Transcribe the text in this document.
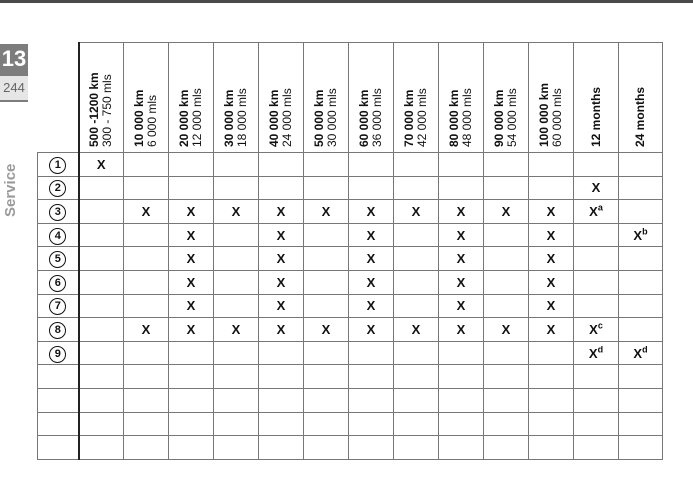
13
244
Service

	500 -1200 km 300 - 750 mls	10 000 km 6 000 mls	20 000 km 12 000 mls	30 000 km 18 000 mls	40 000 km 24 000 mls	50 000 km 30 000 mls	60 000 km 36 000 mls	70 000 km 42 000 mls	80 000 km 48 000 mls	90 000 km 54 000 mls	100 000 km 60 000 mls	12 months	24 months

1	X												
2												X	
3		X	X	X	X	X	X	X	X	X	X	$X^a$	
4			X		X		X		X		X		$X^b$
5			X		X		X		X		X		
6			X		X		X		X		X		
7			X		X		X		X		X		
8		X	X	X	X	X	X	X	X	X	X	$X^c$	
9												$X^d$	$X^d$
